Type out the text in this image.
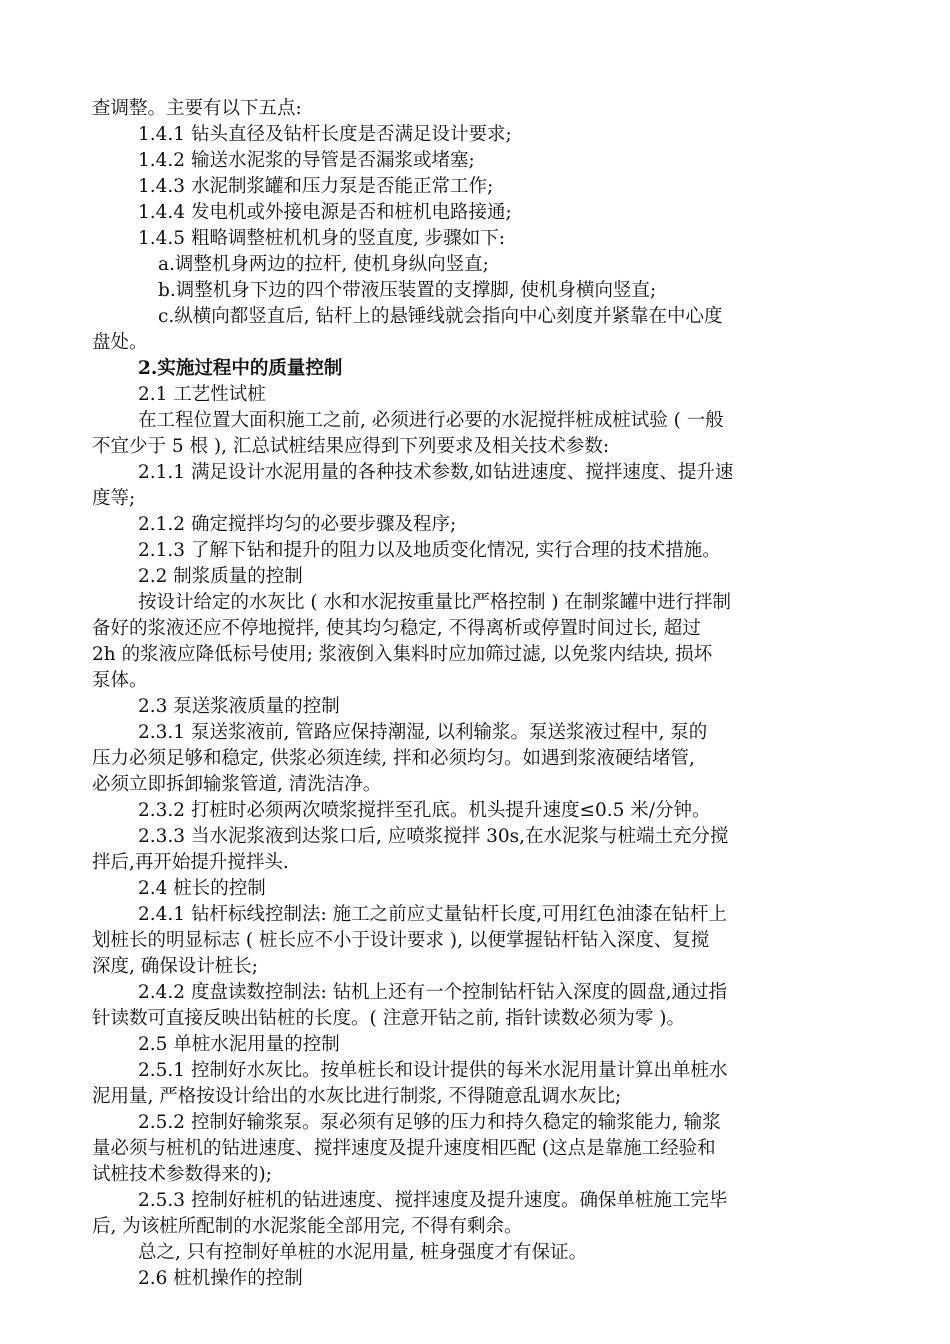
查调整。主要有以下五点:
1.4.1 钻头直径及钻杆长度是否满足设计要求;
1.4.2 输送水泥浆的导管是否漏浆或堵塞;
1.4.3 水泥制浆罐和压力泵是否能正常工作;
1.4.4 发电机或外接电源是否和桩机电路接通;
1.4.5 粗略调整桩机机身的竖直度, 步骤如下:
a.调整机身两边的拉杆, 使机身纵向竖直;
b.调整机身下边的四个带液压装置的支撑脚, 使机身横向竖直;
c.纵横向都竖直后, 钻杆上的悬锤线就会指向中心刻度并紧靠在中心度
盘处。
2.实施过程中的质量控制
2.1 工艺性试桩
在工程位置大面积施工之前, 必须进行必要的水泥搅拌桩成桩试验 ( 一般
不宜少于 5 根 ), 汇总试桩结果应得到下列要求及相关技术参数:
2.1.1 满足设计水泥用量的各种技术参数,如钻进速度、搅拌速度、提升速
度等;
2.1.2 确定搅拌均匀的必要步骤及程序;
2.1.3 了解下钻和提升的阻力以及地质变化情况, 实行合理的技术措施。
2.2 制浆质量的控制
按设计给定的水灰比 ( 水和水泥按重量比严格控制 ) 在制浆罐中进行拌制
备好的浆液还应不停地搅拌, 使其均匀稳定, 不得离析或停置时间过长, 超过
2h 的浆液应降低标号使用; 浆液倒入集料时应加筛过滤, 以免浆内结块, 损坏
泵体。
2.3 泵送浆液质量的控制
2.3.1 泵送浆液前, 管路应保持潮湿, 以利输浆。泵送浆液过程中, 泵的
压力必须足够和稳定, 供浆必须连续, 拌和必须均匀。如遇到浆液硬结堵管,
必须立即拆卸输浆管道, 清洗洁净。
2.3.2 打桩时必须两次喷浆搅拌至孔底。机头提升速度≤0.5 米/分钟。
2.3.3 当水泥浆液到达浆口后, 应喷浆搅拌 30s,在水泥浆与桩端土充分搅
拌后,再开始提升搅拌头.
2.4 桩长的控制
2.4.1 钻杆标线控制法: 施工之前应丈量钻杆长度,可用红色油漆在钻杆上
划桩长的明显标志 ( 桩长应不小于设计要求 ), 以便掌握钻杆钻入深度、复搅
深度, 确保设计桩长;
2.4.2 度盘读数控制法: 钻机上还有一个控制钻杆钻入深度的圆盘,通过指
针读数可直接反映出钻桩的长度。( 注意开钻之前, 指针读数必须为零 )。
2.5 单桩水泥用量的控制
2.5.1 控制好水灰比。按单桩长和设计提供的每米水泥用量计算出单桩水
泥用量, 严格按设计给出的水灰比进行制浆, 不得随意乱调水灰比;
2.5.2 控制好输浆泵。泵必须有足够的压力和持久稳定的输浆能力, 输浆
量必须与桩机的钻进速度、搅拌速度及提升速度相匹配 (这点是靠施工经验和
试桩技术参数得来的);
2.5.3 控制好桩机的钻进速度、搅拌速度及提升速度。确保单桩施工完毕
后, 为该桩所配制的水泥浆能全部用完, 不得有剩余。
总之, 只有控制好单桩的水泥用量, 桩身强度才有保证。
2.6 桩机操作的控制
